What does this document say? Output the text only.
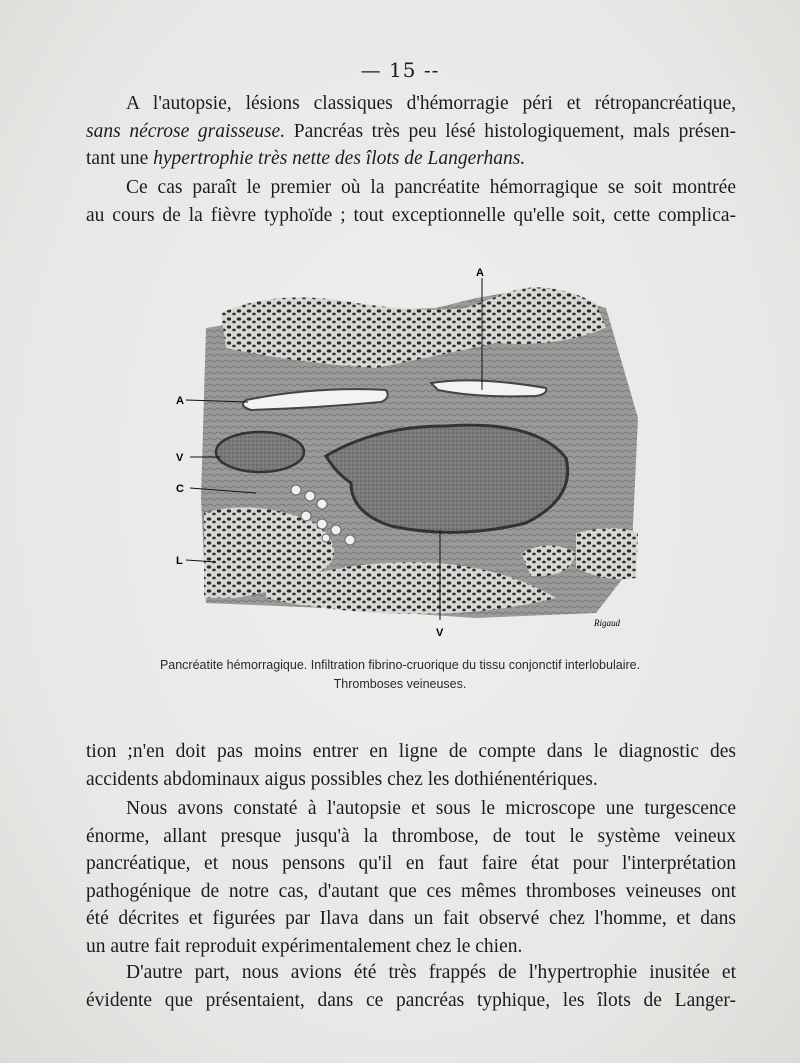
— 15 --
A l'autopsie, lésions classiques d'hémorragie péri et rétropancréatique,
sans nécrose graisseuse. Pancréas très peu lésé histologiquement, mals présen-
tant une hypertrophie très nette des îlots de Langerhans.
Ce cas paraît le premier où la pancréatite hémorragique se soit montrée
au cours de la fièvre typhoïde ; tout exceptionnelle qu'elle soit, cette complica-
A
A
V
C
L
V
Rigaud
Pancréatite hémorragique. Infiltration fibrino-cruorique du tissu conjonctif interlobulaire.
Thromboses veineuses.
tion ;n'en doit pas moins entrer en ligne de compte dans le diagnostic des
accidents abdominaux aigus possibles chez les dothiénentériques.
Nous avons constaté à l'autopsie et sous le microscope une turgescence
énorme, allant presque jusqu'à la thrombose, de tout le système veineux
pancréatique, et nous pensons qu'il en faut faire état pour l'interprétation
pathogénique de notre cas, d'autant que ces mêmes thromboses veineuses ont
été décrites et figurées par Ilava dans un fait observé chez l'homme, et dans
un autre fait reproduit expérimentalement chez le chien.
D'autre part, nous avions été très frappés de l'hypertrophie inusitée et
évidente que présentaient, dans ce pancréas typhique, les îlots de Langer-
